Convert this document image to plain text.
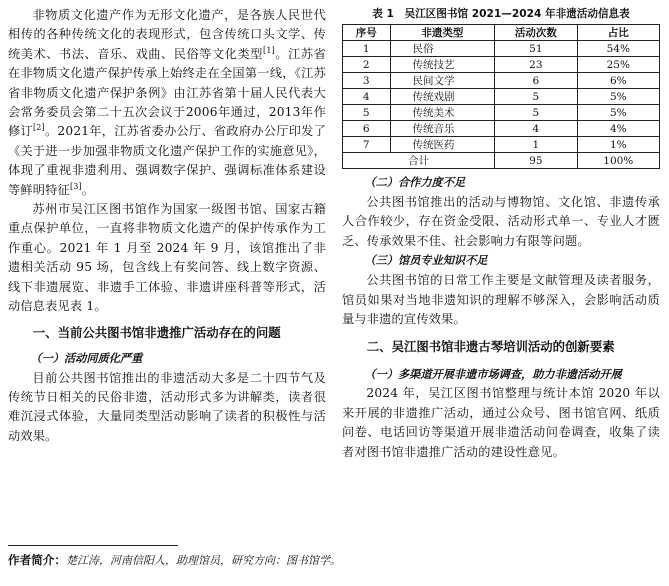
非物质文化遗产作为无形文化遗产，是各族人民世代相传的各种传统文化的表现形式，包含传统口头文学、传统美术、书法、音乐、戏曲、民俗等文化类型[1]。江苏省在非物质文化遗产保护传承上始终走在全国第一线，《江苏省非物质文化遗产保护条例》由江苏省第十届人民代表大会常务委员会第二十五次会议于2006年通过，2013年作修订[2]。2021年，江苏省委办公厅、省政府办公厅印发了《关于进一步加强非物质文化遗产保护工作的实施意见》，体现了重视非遗利用、强调数字保护、强调标准体系建设等鲜明特征[3]。

苏州市吴江区图书馆作为国家一级图书馆、国家古籍重点保护单位，一直将非物质文化遗产的保护传承作为工作重心。2021 年 1 月至 2024 年 9 月，该馆推出了非遗相关活动 95 场，包含线上有奖问答、线上数字资源、线下非遗展览、非遗手工体验、非遗讲座科普等形式，活动信息表见表 1。

一、当前公共图书馆非遗推广活动存在的问题
（一）活动同质化严重

目前公共图书馆推出的非遗活动大多是二十四节气及传统节日相关的民俗非遗，活动形式多为讲解类，读者很难沉浸式体验，大量同类型活动影响了读者的积极性与活动效果。

表 1　吴江区图书馆 2021—2024 年非遗活动信息表
序号	非遗类型	活动次数	占比
1	民俗	51	54%
2	传统技艺	23	25%
3	民间文学	6	6%
4	传统戏剧	5	5%
5	传统美术	5	5%
6	传统音乐	4	4%
7	传统医药	1	1%
合计		95	100%
（二）合作力度不足

公共图书馆推出的活动与博物馆、文化馆、非遗传承人合作较少，存在资金受限、活动形式单一、专业人才匮乏、传承效果不佳、社会影响力有限等问题。

（三）馆员专业知识不足

公共图书馆的日常工作主要是文献管理及读者服务，馆员如果对当地非遗知识的理解不够深入，会影响活动质量与非遗的宣传效果。

二、吴江图书馆非遗古琴培训活动的创新要素
（一）多渠道开展非遗市场调查，助力非遗活动开展

2024 年，吴江区图书馆整理与统计本馆 2020 年以来开展的非遗推广活动，通过公众号、图书馆官网、纸质问卷、电话回访等渠道开展非遗活动问卷调查，收集了读者对图书馆非遗推广活动的建设性意见。

作者简介：楚江涛，河南信阳人，助理馆员，研究方向：图书馆学。
